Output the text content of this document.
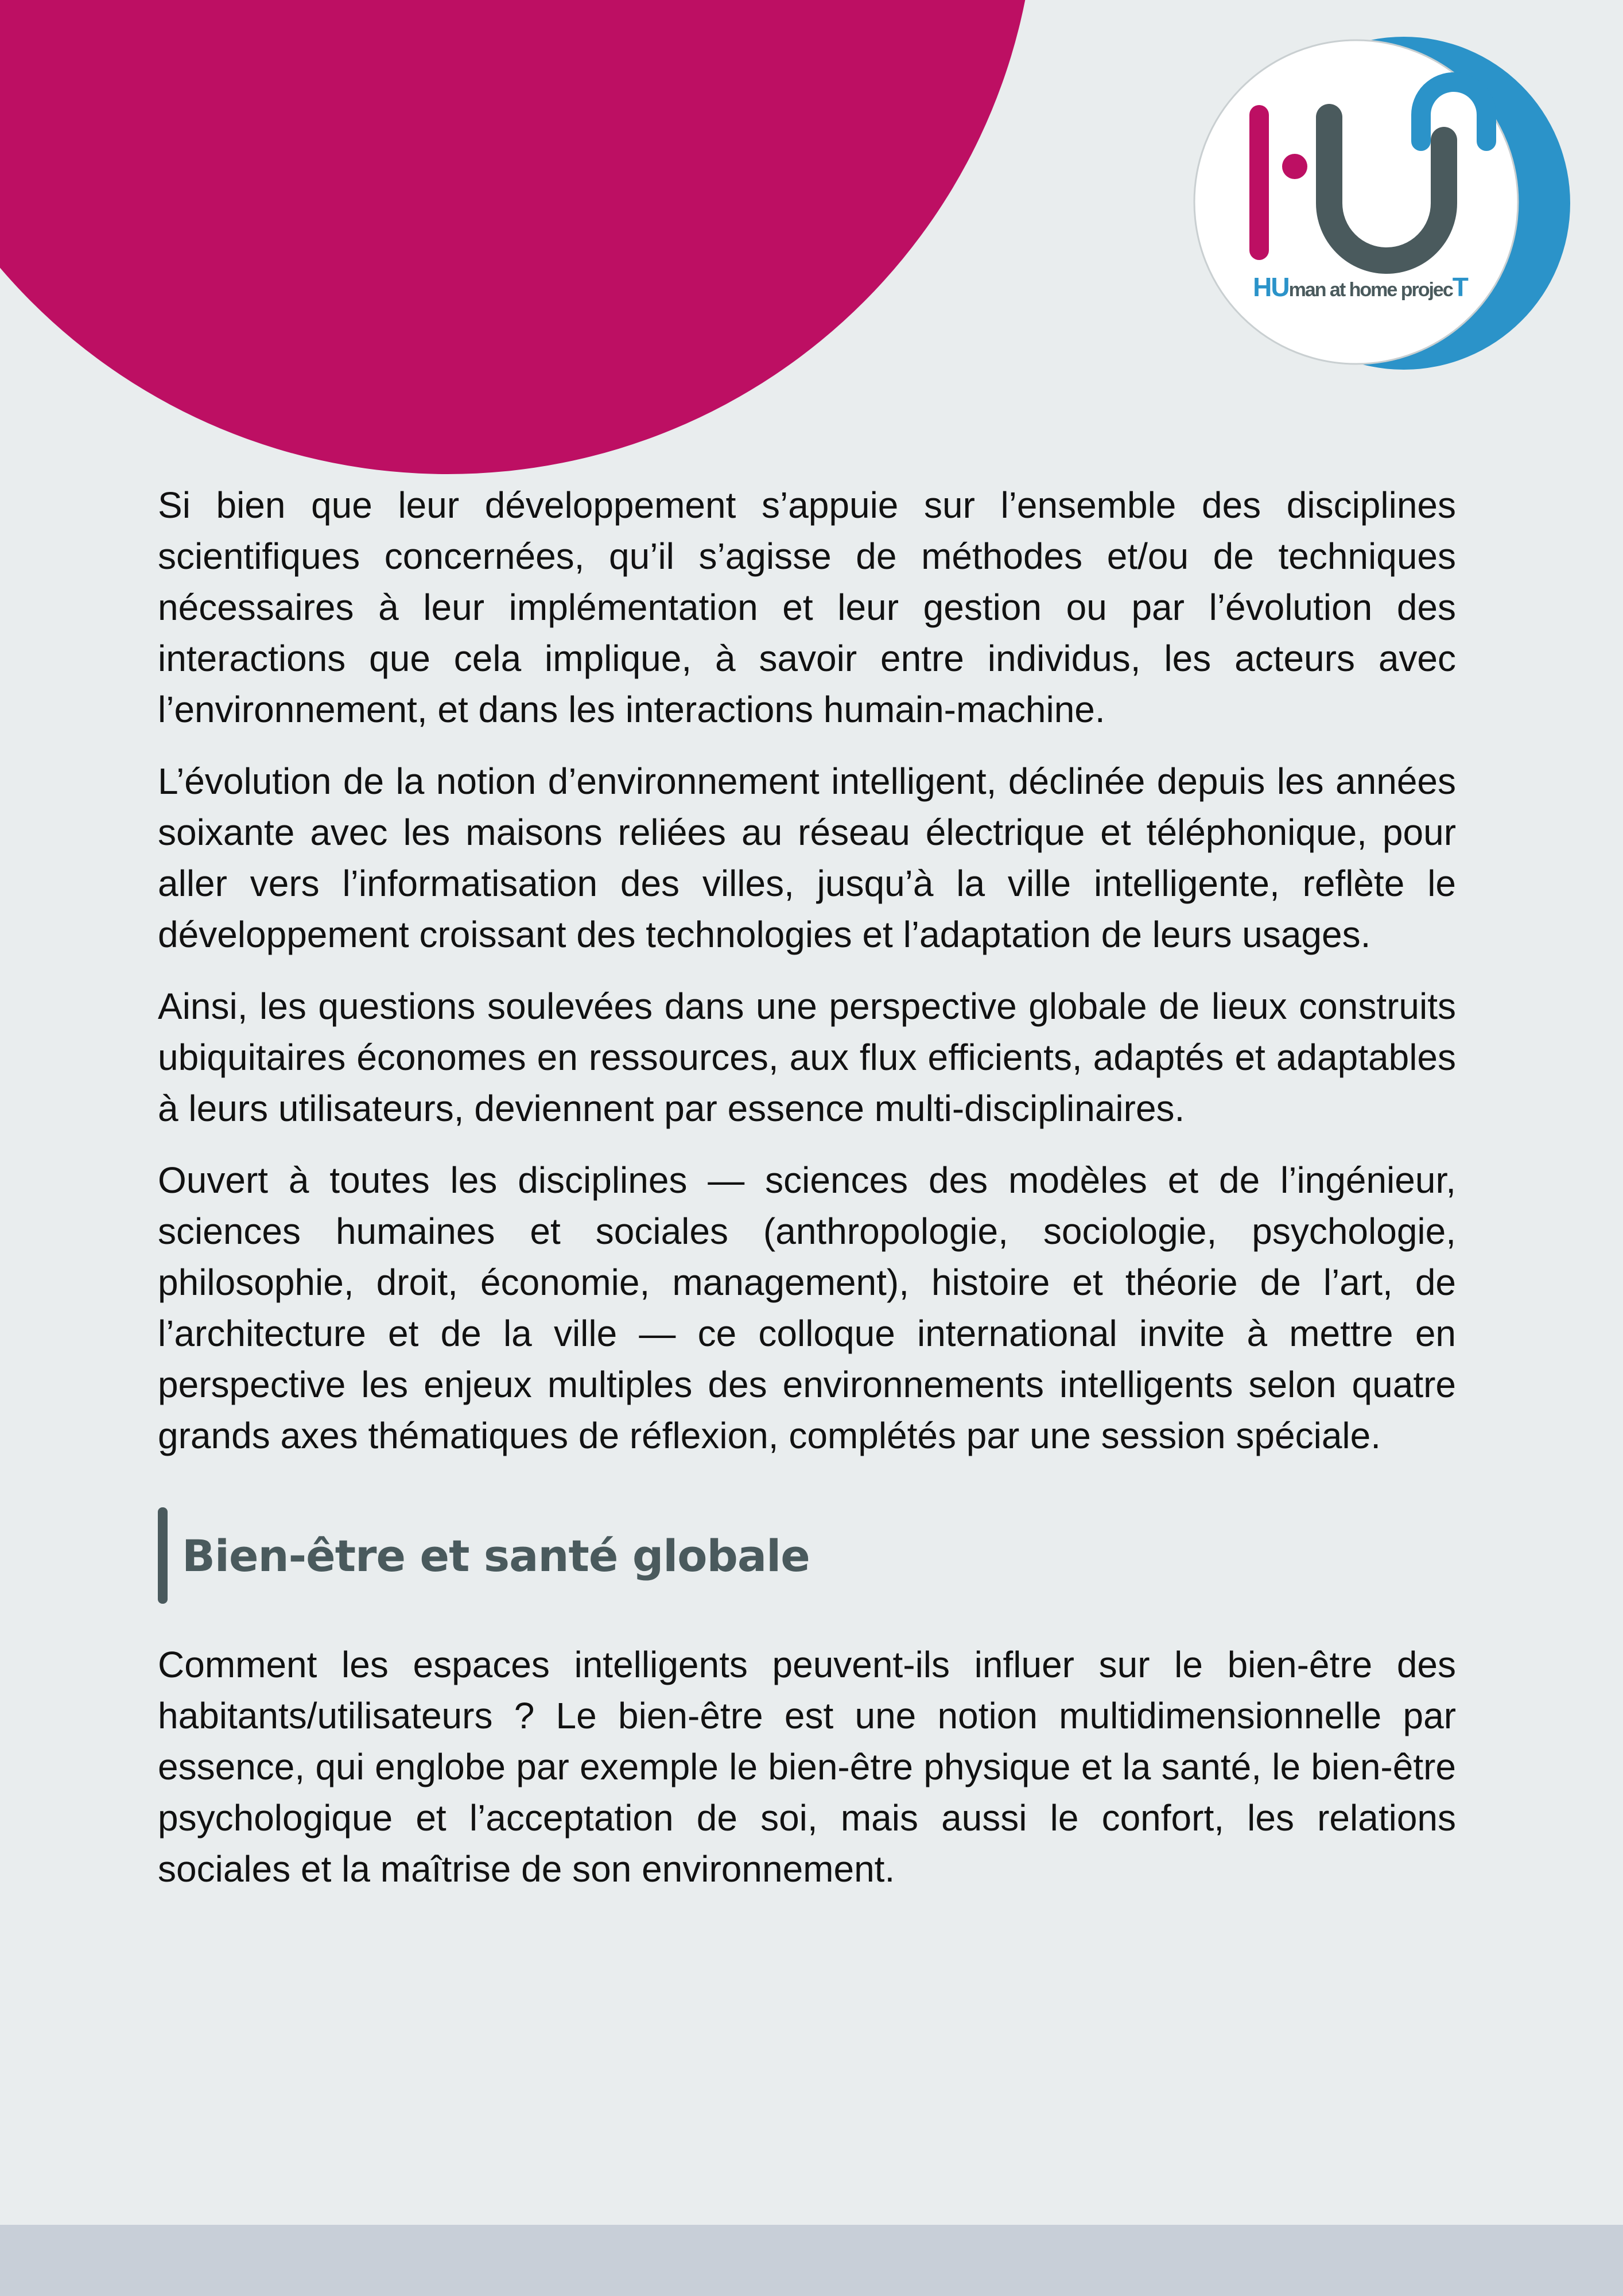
HUman at home projecT

Si bien que leur développement s’appuie sur l’ensemble des disciplines scientifiques concernées, qu’il s’agisse de méthodes et/ou de techniques nécessaires à leur implémentation et leur gestion ou par l’évolution des interactions que cela implique, à savoir entre individus, les acteurs avec l’environnement, et dans les interactions humain-machine.

L’évolution de la notion d’environnement intelligent, déclinée depuis les années soixante avec les maisons reliées au réseau électrique et téléphonique, pour aller vers l’informatisation des villes, jusqu’à la ville intelligente, reflète le développement croissant des technologies et l’adaptation de leurs usages.

Ainsi, les questions soulevées dans une perspective globale de lieux construits ubiquitaires économes en ressources, aux flux efficients, adaptés et adaptables à leurs utilisateurs, deviennent par essence multi-disciplinaires.

Ouvert à toutes les disciplines — sciences des modèles et de l’ingénieur, sciences humaines et sociales (anthropologie, sociologie, psychologie, philosophie, droit, économie, management), histoire et théorie de l’art, de l’architecture et de la ville — ce colloque international invite à mettre en perspective les enjeux multiples des environnements intelligents selon quatre grands axes thématiques de réflexion, complétés par une session spéciale.

Bien-être et santé globale

Comment les espaces intelligents peuvent-ils influer sur le bien-être des habitants/utilisateurs ? Le bien-être est une notion multidimensionnelle par essence, qui englobe par exemple le bien-être physique et la santé, le bien-être psychologique et l’acceptation de soi, mais aussi le confort, les relations sociales et la maîtrise de son environnement.
